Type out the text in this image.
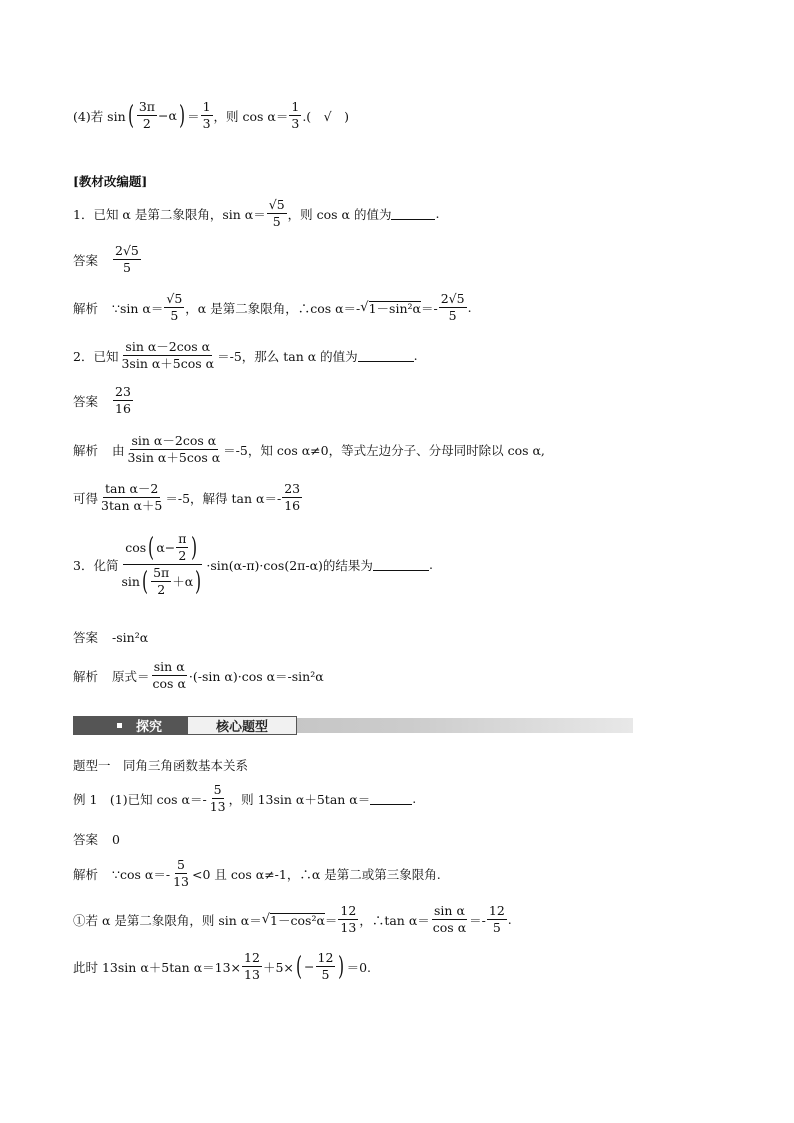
(4)若 sin ( $\frac{3\pi}{2} -\alpha$ ) ＝ $\frac{1}{3}$ ，则 $\cos \alpha= \frac{1}{3}$ .(　√　)
[教材改编题]
1．已知 α 是第二象限角，$\sin \alpha= \frac{√5}{5}$ ，则 cos α 的值为	.
答案 $\frac{2√5}{5}$
解析 ∵sin $\alpha= \frac{√5}{5}$ ，α 是第二象限角，∴cos α＝- √ $1-\sin^2\alpha =- \frac{2√5}{5}$ .
2．已知 $\frac{\text{sin α－2cos α}}{\text{3sin α＋5cos α}} =-5$，那么 tan α 的值为	.
答案 $\frac{23}{16}$
解析 由 $\frac{\text{sin α－2cos α}}{\text{3sin α＋5cos α}} =-5$，知 cos α≠0，等式左边分子、分母同时除以 cos α,
可得 $\frac{\text{tan α－2}}{\text{3tan α＋5}} =-5$，解得 $\tan \alpha=- \frac{23}{16}$
3．化简 $\frac{\cos ( \alpha- \frac{\pi}{2} )}{\sin ( \frac{5\pi}{2} +\alpha )} \cdot\sin(\alpha-\pi)\cdot\cos(2\pi-\alpha)$的结果为	.
答案 -sin²α
解析 原式＝ $\frac{\text{sin α}}{\text{cos α}} \cdot(-\sin$ α)·cos α＝-sin²α
探究	核心题型
题型一　同角三角函数基本关系
例 1　(1)已知 $\cos \alpha=- \frac{5}{13}$ ，则 13sin α＋5tan α＝	.
答案 0
解析 ∵cos $\alpha=- \frac{5}{13} <0$ 且 cos α≠-1，∴α 是第二或第三象限角.
①若 α 是第二象限角，则 sin α＝ √ $1-\cos^2\alpha = \frac{12}{13}$ ，∴tan $\alpha= \frac{\text{sin α}}{\text{cos α}} =- \frac{12}{5}$ .
此时 13sin α＋5tan $\alpha=13\times \frac{12}{13} +5\times$ ( − $\frac{12}{5}$ ) ＝0.
